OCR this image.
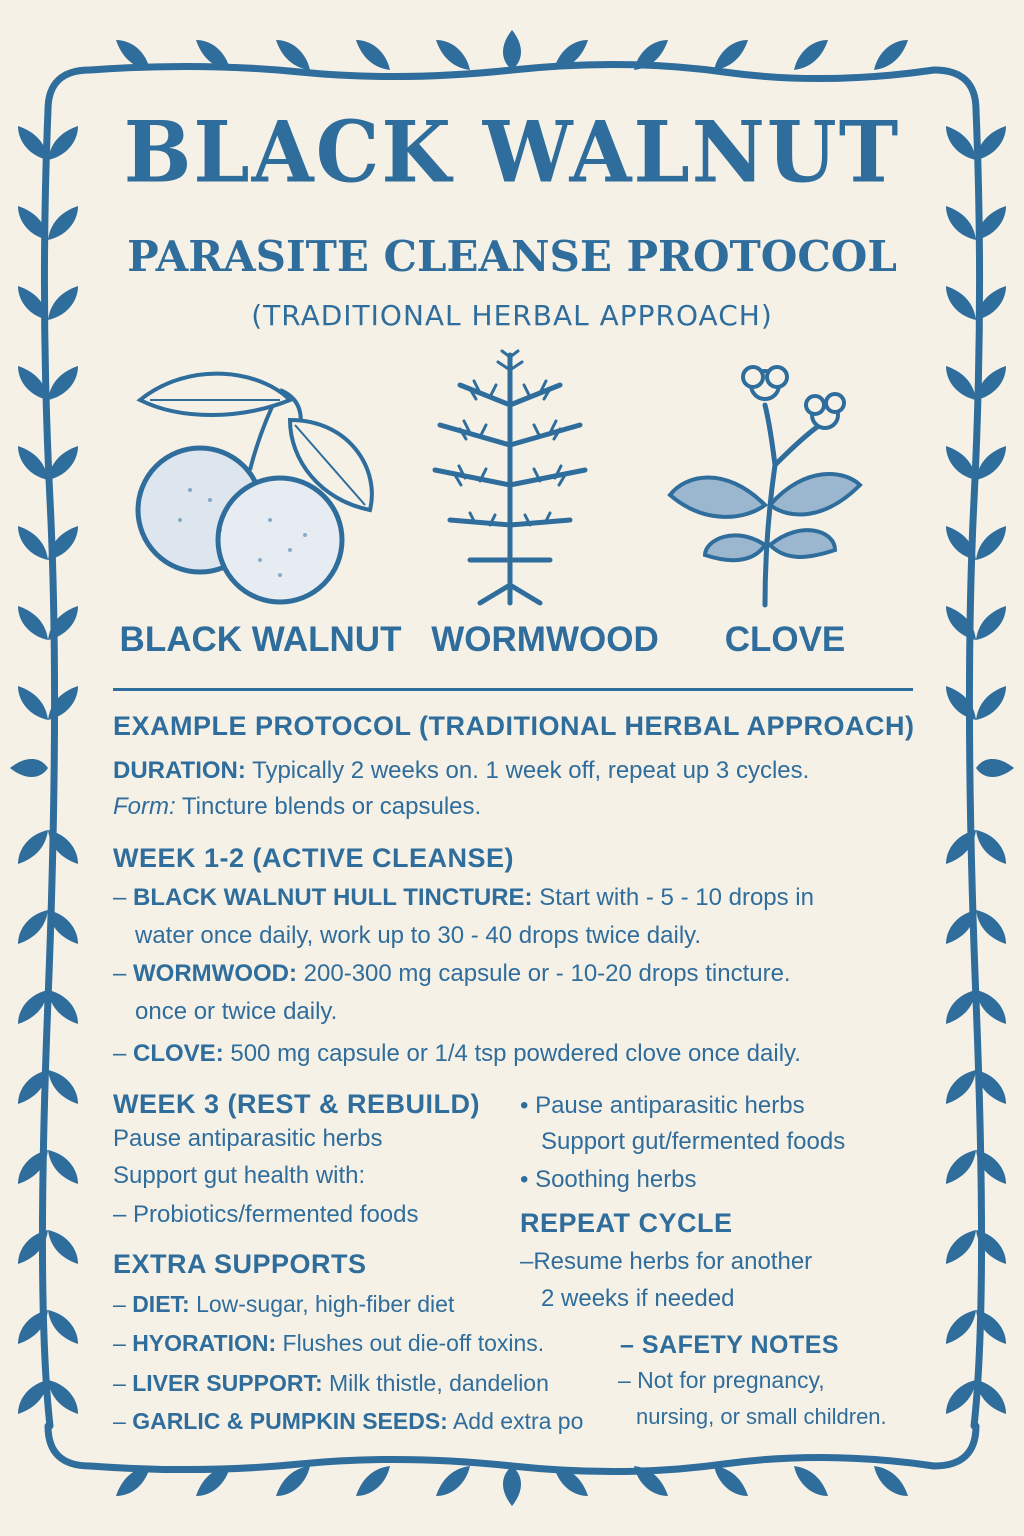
BLACK WALNUT
PARASITE CLEANSE PROTOCOL
(TRADITIONAL HERBAL APPROACH)
BLACK WALNUT WORMWOOD	CLOVE
EXAMPLE PROTOCOL (TRADITIONAL HERBAL APPROACH)
DURATION: Typically 2 weeks on. 1 week off, repeat up 3 cycles.
Form: Tincture blends or capsules.
WEEK 1-2 (ACTIVE CLEANSE)
– BLACK WALNUT HULL TINCTURE: Start with - 5 - 10 drops in
water once daily, work up to 30 - 40 drops twice daily.
– WORMWOOD: 200-300 mg capsule or - 10-20 drops tincture.
once or twice daily.
– CLOVE: 500 mg capsule or 1/4 tsp powdered clove once daily.
WEEK 3 (REST & REBUILD)
Pause antiparasitic herbs
Support gut health with:
– Probiotics/fermented foods
• Pause antiparasitic herbs
Support gut/fermented foods
• Soothing herbs
REPEAT CYCLE
–Resume herbs for another
2 weeks if needed
EXTRA SUPPORTS
– DIET: Low-sugar, high-fiber diet
– HYORATION: Flushes out die-off toxins.
– LIVER SUPPORT: Milk thistle, dandelion
– GARLIC & PUMPKIN SEEDS: Add extra po
– SAFETY NOTES
– Not for pregnancy,
nursing, or small children.
